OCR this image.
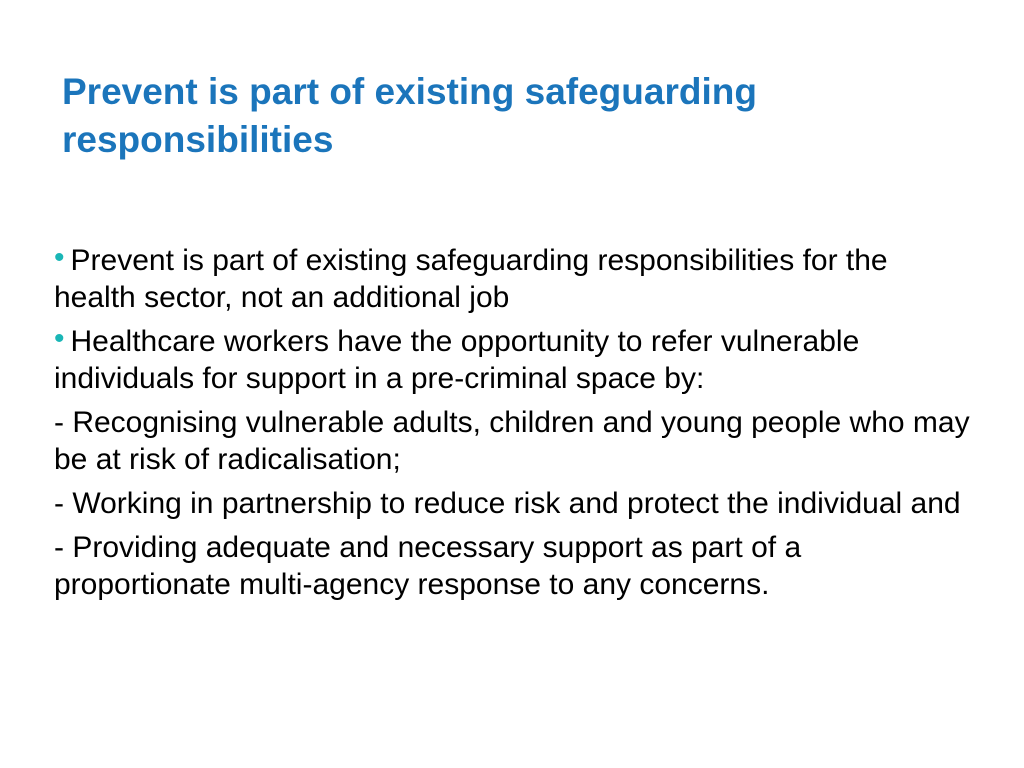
Prevent is part of existing safeguarding responsibilities
• Prevent is part of existing safeguarding responsibilities for the health sector, not an additional job
• Healthcare workers have the opportunity to refer vulnerable individuals for support in a pre-criminal space by:
- Recognising vulnerable adults, children and young people who may be at risk of radicalisation;
- Working in partnership to reduce risk and protect the individual and
- Providing adequate and necessary support as part of a proportionate multi-agency response to any concerns.
